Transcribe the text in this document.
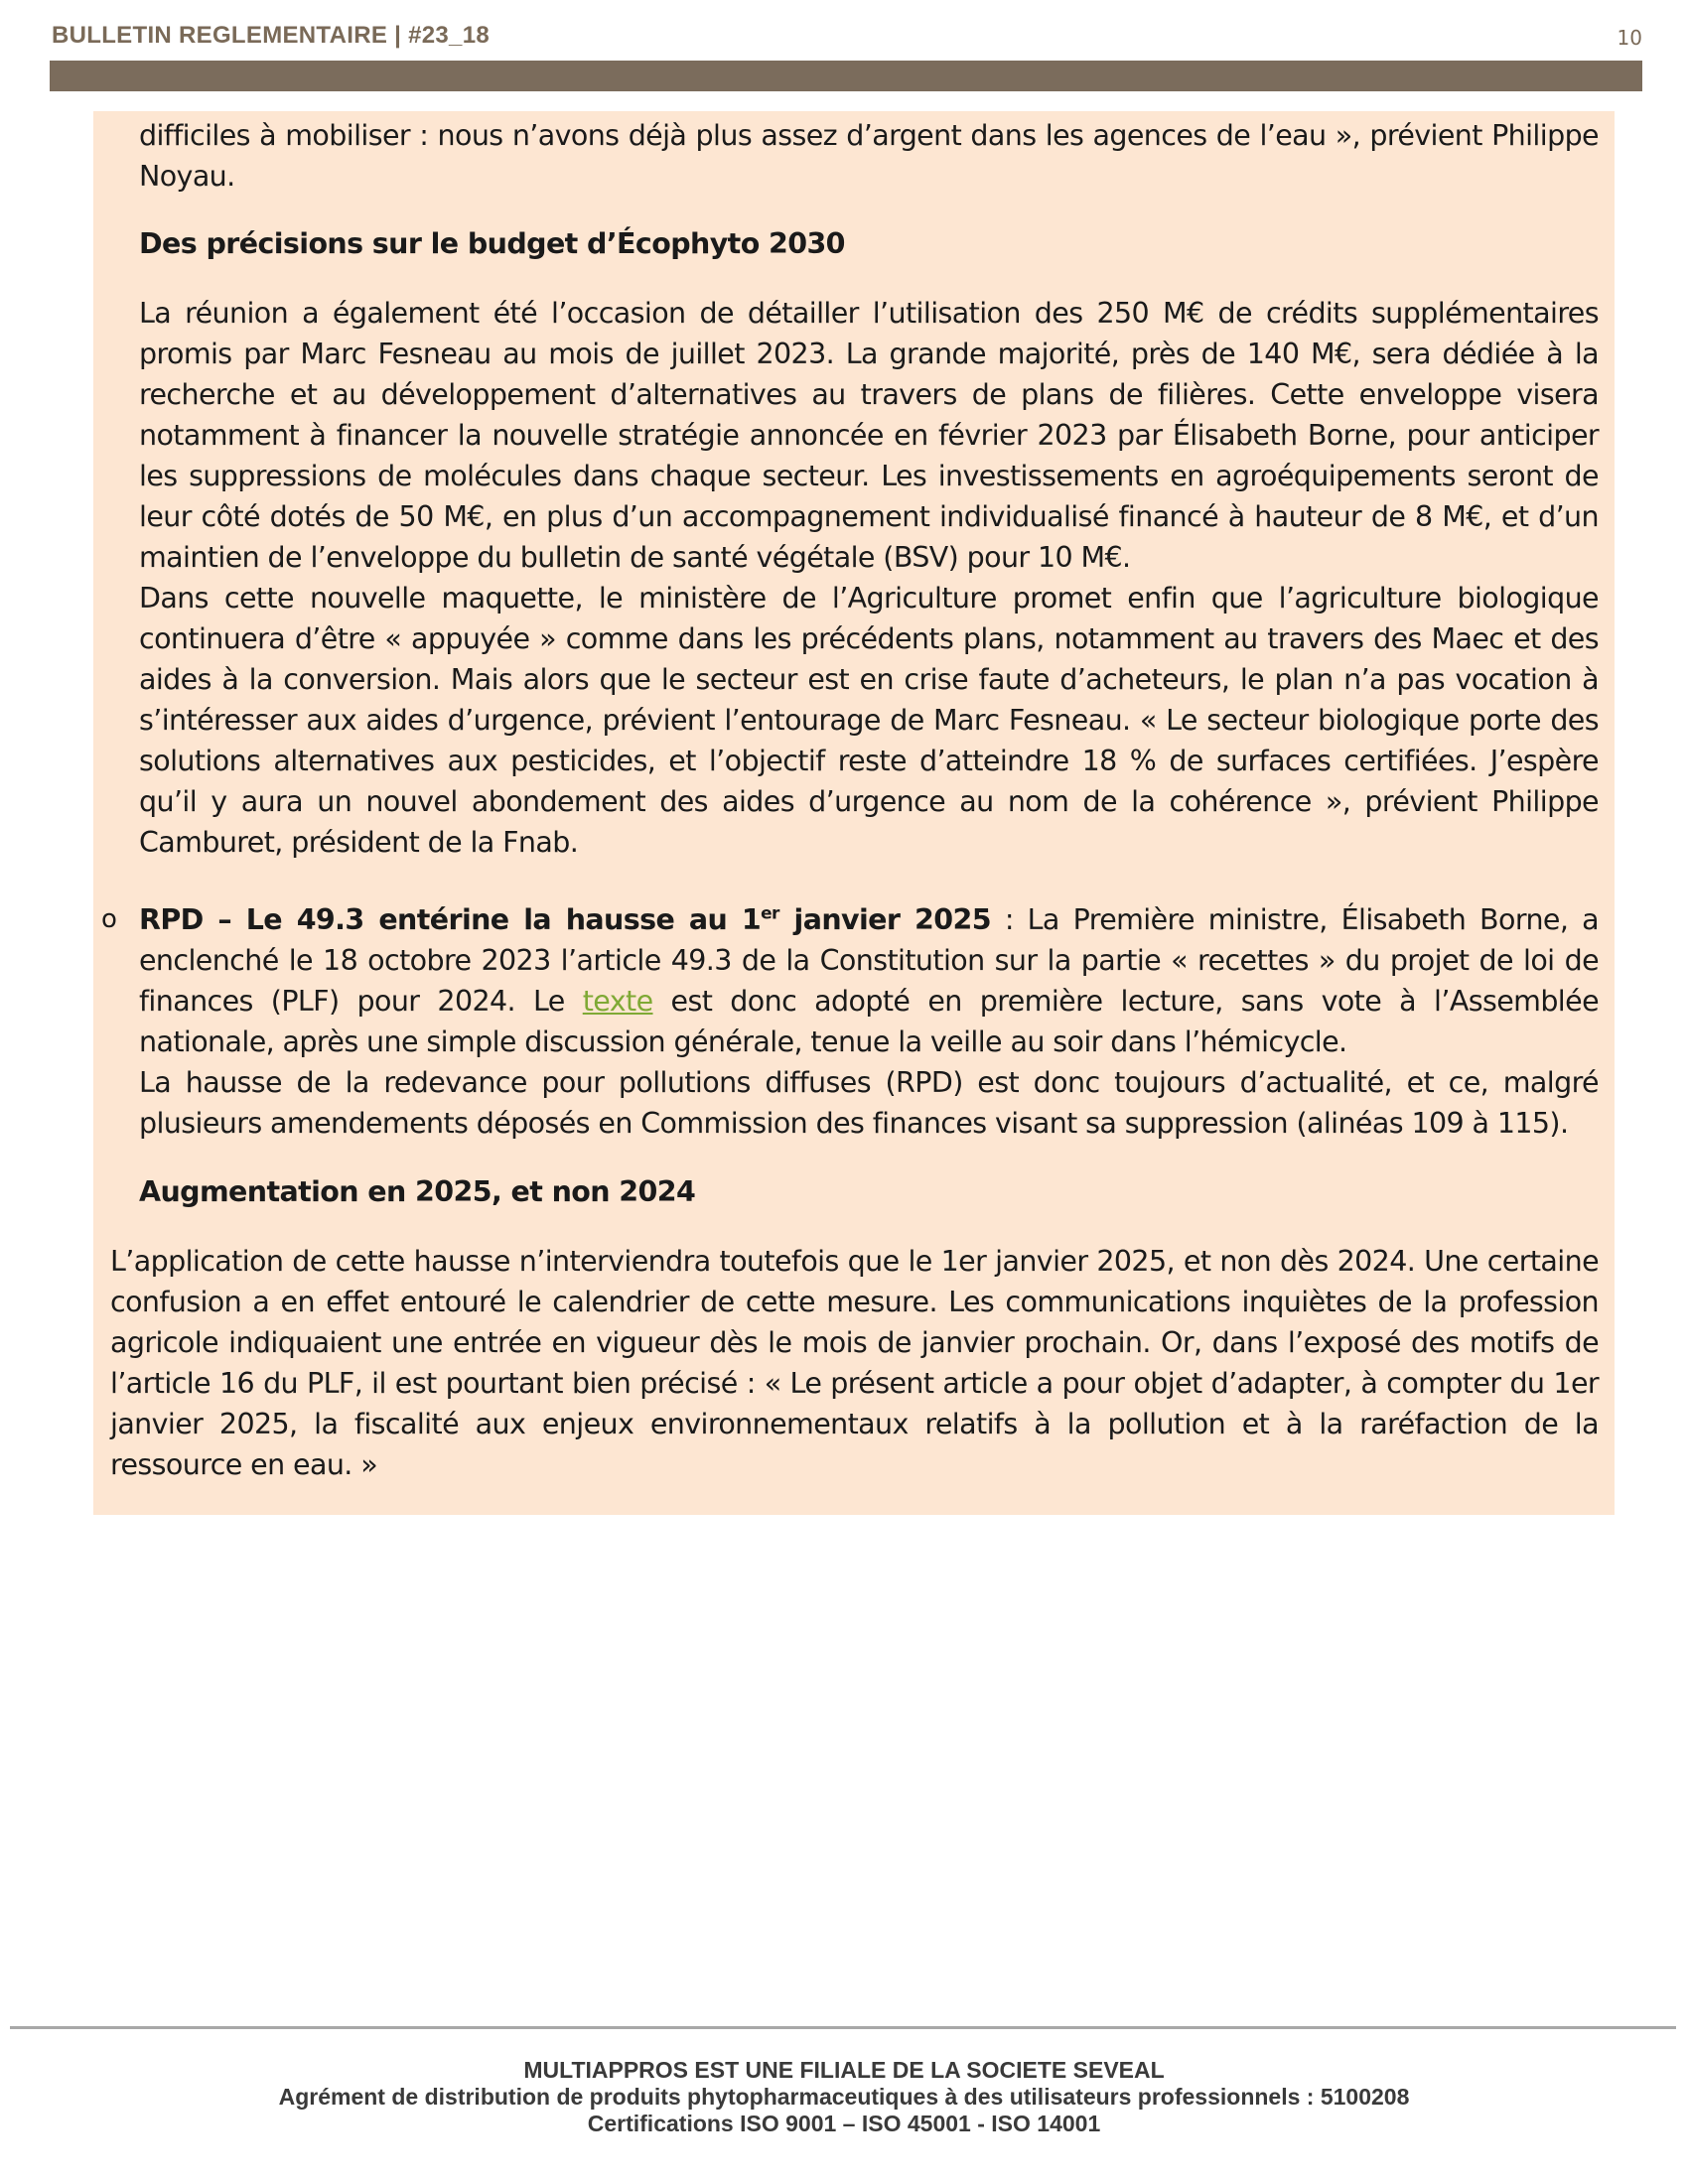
BULLETIN REGLEMENTAIRE | #23_18	10

difficiles à mobiliser : nous n’avons déjà plus assez d’argent dans les agences de l’eau », prévient Philippe Noyau.

Des précisions sur le budget d’Écophyto 2030

La réunion a également été l’occasion de détailler l’utilisation des 250 M€ de crédits supplémentaires promis par Marc Fesneau au mois de juillet 2023. La grande majorité, près de 140 M€, sera dédiée à la recherche et au développement d’alternatives au travers de plans de filières. Cette enveloppe visera notamment à financer la nouvelle stratégie annoncée en février 2023 par Élisabeth Borne, pour anticiper les suppressions de molécules dans chaque secteur. Les investissements en agroéquipements seront de leur côté dotés de 50 M€, en plus d’un accompagnement individualisé financé à hauteur de 8 M€, et d’un maintien de l’enveloppe du bulletin de santé végétale (BSV) pour 10 M€.

Dans cette nouvelle maquette, le ministère de l’Agriculture promet enfin que l’agriculture biologique continuera d’être « appuyée » comme dans les précédents plans, notamment au travers des Maec et des aides à la conversion. Mais alors que le secteur est en crise faute d’acheteurs, le plan n’a pas vocation à s’intéresser aux aides d’urgence, prévient l’entourage de Marc Fesneau. « Le secteur biologique porte des solutions alternatives aux pesticides, et l’objectif reste d’atteindre 18 % de surfaces certifiées. J’espère qu’il y aura un nouvel abondement des aides d’urgence au nom de la cohérence », prévient Philippe Camburet, président de la Fnab.

o RPD – Le 49.3 entérine la hausse au 1er janvier 2025 : La Première ministre, Élisabeth Borne, a enclenché le 18 octobre 2023 l’article 49.3 de la Constitution sur la partie « recettes » du projet de loi de finances (PLF) pour 2024. Le texte est donc adopté en première lecture, sans vote à l’Assemblée nationale, après une simple discussion générale, tenue la veille au soir dans l’hémicycle.

La hausse de la redevance pour pollutions diffuses (RPD) est donc toujours d’actualité, et ce, malgré plusieurs amendements déposés en Commission des finances visant sa suppression (alinéas 109 à 115).

Augmentation en 2025, et non 2024

L’application de cette hausse n’interviendra toutefois que le 1er janvier 2025, et non dès 2024. Une certaine confusion a en effet entouré le calendrier de cette mesure. Les communications inquiètes de la profession agricole indiquaient une entrée en vigueur dès le mois de janvier prochain. Or, dans l’exposé des motifs de l’article 16 du PLF, il est pourtant bien précisé : « Le présent article a pour objet d’adapter, à compter du 1er janvier 2025, la fiscalité aux enjeux environnementaux relatifs à la pollution et à la raréfaction de la ressource en eau. »

MULTIAPPROS EST UNE FILIALE DE LA SOCIETE SEVEAL
Agrément de distribution de produits phytopharmaceutiques à des utilisateurs professionnels : 5100208
Certifications ISO 9001 – ISO 45001 - ISO 14001
